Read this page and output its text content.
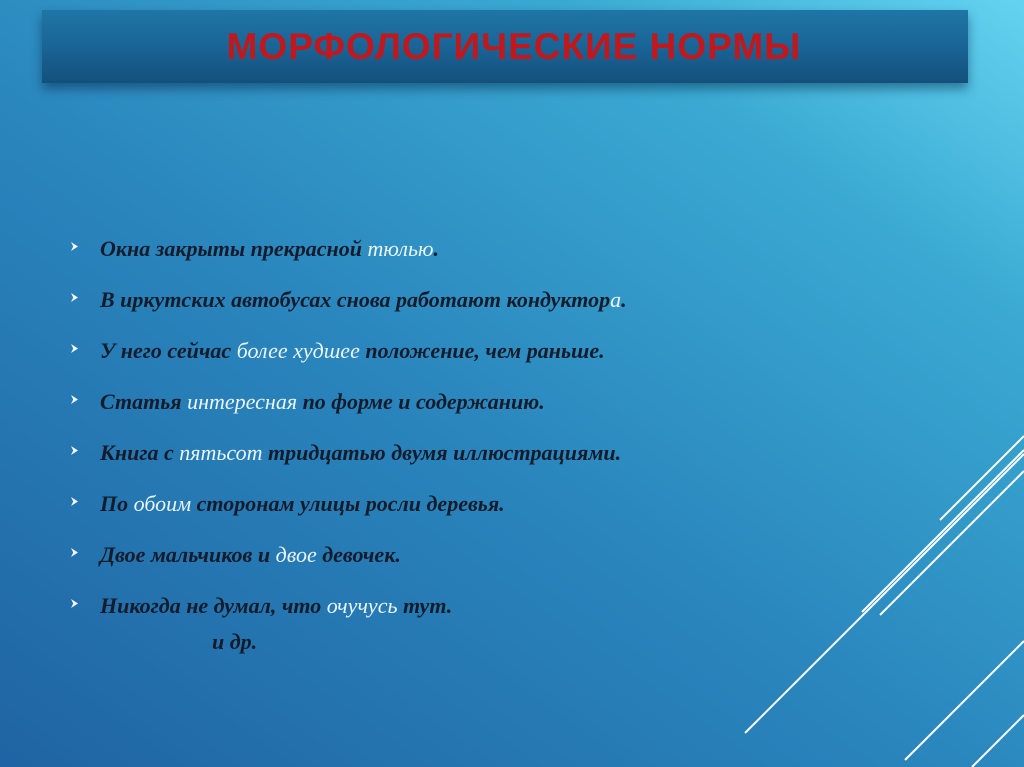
МОРФОЛОГИЧЕСКИЕ НОРМЫ
Окна закрыты прекрасной тюлью.
В иркутских автобусах снова работают кондуктора.
У него сейчас более худшее положение, чем раньше.
Статья интересная по форме и содержанию.
Книга с пятьсот тридцатью двумя иллюстрациями.
По обоим сторонам улицы росли деревья.
Двое мальчиков и двое девочек.
Никогда не думал, что очучусь тут.
и др.
